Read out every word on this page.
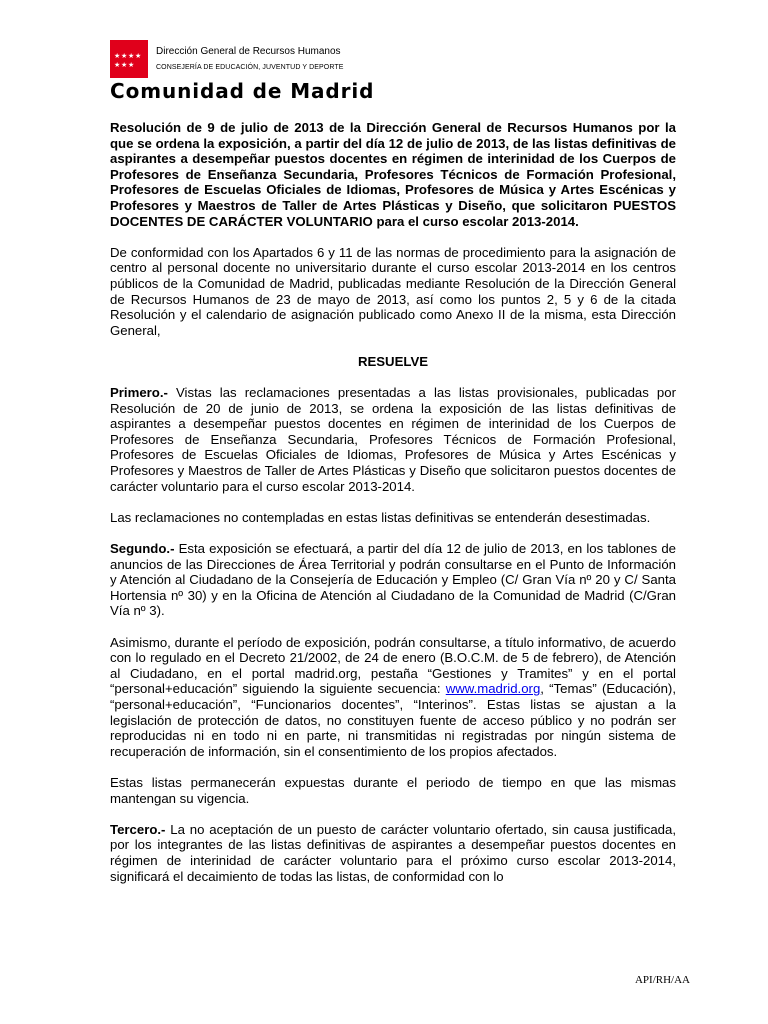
★ ★ ★ ★
★ ★ ★
Dirección General de Recursos Humanos
CONSEJERÍA DE EDUCACIÓN, JUVENTUD Y DEPORTE
Comunidad de Madrid

Resolución de 9 de julio de 2013 de la Dirección General de Recursos Humanos por la que se ordena la exposición, a partir del día 12 de julio de 2013, de las listas definitivas de aspirantes a desempeñar puestos docentes en régimen de interinidad de los Cuerpos de Profesores de Enseñanza Secundaria, Profesores Técnicos de Formación Profesional, Profesores de Escuelas Oficiales de Idiomas, Profesores de Música y Artes Escénicas y Profesores y Maestros de Taller de Artes Plásticas y Diseño, que solicitaron PUESTOS DOCENTES DE CARÁCTER VOLUNTARIO para el curso escolar 2013-2014.

De conformidad con los Apartados 6 y 11 de las normas de procedimiento para la asignación de centro al personal docente no universitario durante el curso escolar 2013-2014 en los centros públicos de la Comunidad de Madrid, publicadas mediante Resolución de la Dirección General de Recursos Humanos de 23 de mayo de 2013, así como los puntos 2, 5 y 6 de la citada Resolución y el calendario de asignación publicado como Anexo II de la misma, esta Dirección General,

RESUELVE

Primero.- Vistas las reclamaciones presentadas a las listas provisionales, publicadas por Resolución de 20 de junio de 2013, se ordena la exposición de las listas definitivas de aspirantes a desempeñar puestos docentes en régimen de interinidad de los Cuerpos de Profesores de Enseñanza Secundaria, Profesores Técnicos de Formación Profesional, Profesores de Escuelas Oficiales de Idiomas, Profesores de Música y Artes Escénicas y Profesores y Maestros de Taller de Artes Plásticas y Diseño que solicitaron puestos docentes de carácter voluntario para el curso escolar 2013-2014.

Las reclamaciones no contempladas en estas listas definitivas se entenderán desestimadas.

Segundo.- Esta exposición se efectuará, a partir del día 12 de julio de 2013, en los tablones de anuncios de las Direcciones de Área Territorial y podrán consultarse en el Punto de Información y Atención al Ciudadano de la Consejería de Educación y Empleo (C/ Gran Vía nº 20 y C/ Santa Hortensia nº 30) y en la Oficina de Atención al Ciudadano de la Comunidad de Madrid (C/Gran Vía nº 3).

Asimismo, durante el período de exposición, podrán consultarse, a título informativo, de acuerdo con lo regulado en el Decreto 21/2002, de 24 de enero (B.O.C.M. de 5 de febrero), de Atención al Ciudadano, en el portal madrid.org, pestaña “Gestiones y Tramites” y en el portal “personal+educación” siguiendo la siguiente secuencia: www.madrid.org, “Temas” (Educación), “personal+educación”, “Funcionarios docentes”, “Interinos”. Estas listas se ajustan a la legislación de protección de datos, no constituyen fuente de acceso público y no podrán ser reproducidas ni en todo ni en parte, ni transmitidas ni registradas por ningún sistema de recuperación de información, sin el consentimiento de los propios afectados.

Estas listas permanecerán expuestas durante el periodo de tiempo en que las mismas mantengan su vigencia.

Tercero.- La no aceptación de un puesto de carácter voluntario ofertado, sin causa justificada, por los integrantes de las listas definitivas de aspirantes a desempeñar puestos docentes en régimen de interinidad de carácter voluntario para el próximo curso escolar 2013-2014, significará el decaimiento de todas las listas, de conformidad con lo

API/RH/AA
